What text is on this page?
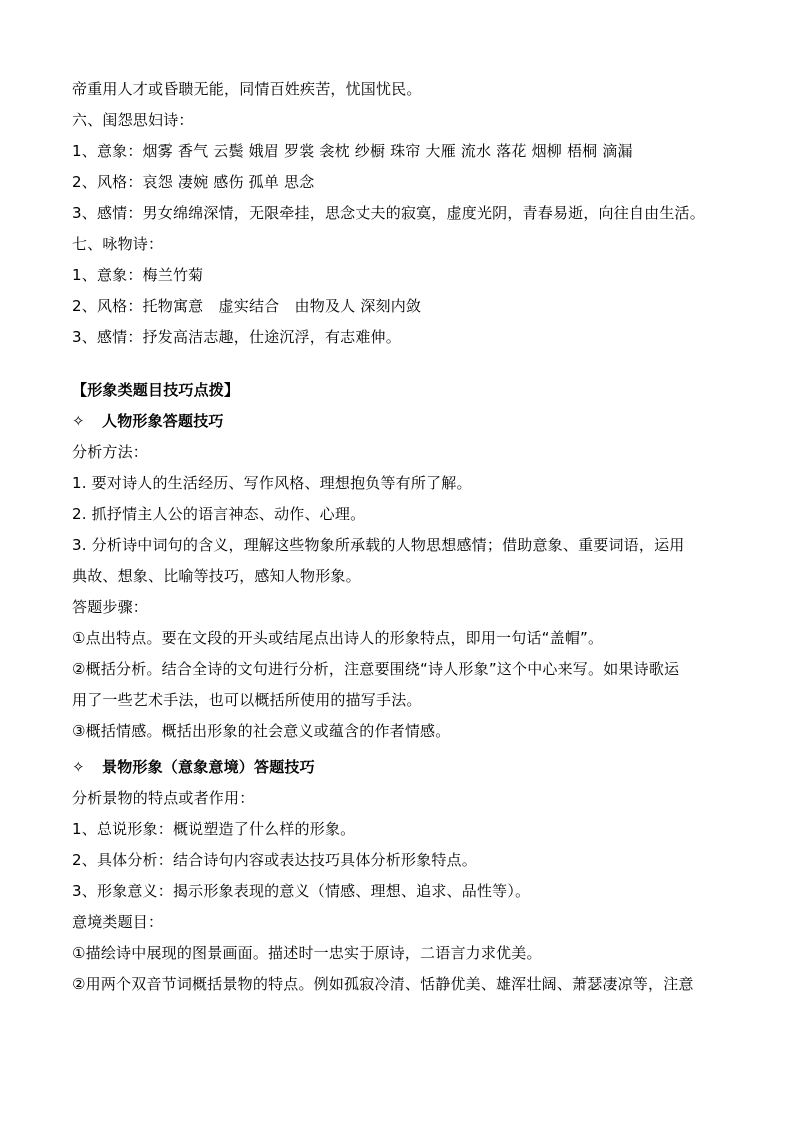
帝重用人才或昏聩无能，同情百姓疾苦，忧国忧民。
六、闺怨思妇诗：
1、意象：烟雾 香气 云鬓 娥眉 罗裳 衾枕 纱橱 珠帘 大雁 流水 落花 烟柳 梧桐 滴漏
2、风格：哀怨 凄婉 感伤 孤单 思念
3、感情：男女绵绵深情，无限牵挂，思念丈夫的寂寞，虚度光阴，青春易逝，向往自由生活。
七、咏物诗：
1、意象：梅兰竹菊
2、风格：托物寓意　虚实结合　由物及人 深刻内敛
3、感情：抒发高洁志趣，仕途沉浮，有志难伸。
【形象类题目技巧点拨】
✧ 人物形象答题技巧
分析方法：
1. 要对诗人的生活经历、写作风格、理想抱负等有所了解。
2. 抓抒情主人公的语言神态、动作、心理。
3. 分析诗中词句的含义，理解这些物象所承载的人物思想感情；借助意象、重要词语，运用
典故、想象、比喻等技巧，感知人物形象。
答题步骤：
①点出特点。要在文段的开头或结尾点出诗人的形象特点，即用一句话“盖帽”。
②概括分析。结合全诗的文句进行分析，注意要围绕“诗人形象”这个中心来写。如果诗歌运
用了一些艺术手法，也可以概括所使用的描写手法。
③概括情感。概括出形象的社会意义或蕴含的作者情感。
✧ 景物形象（意象意境）答题技巧
分析景物的特点或者作用：
1、总说形象：概说塑造了什么样的形象。
2、具体分析：结合诗句内容或表达技巧具体分析形象特点。
3、形象意义：揭示形象表现的意义（情感、理想、追求、品性等）。
意境类题目：
①描绘诗中展现的图景画面。描述时一忠实于原诗，二语言力求优美。
②用两个双音节词概括景物的特点。例如孤寂冷清、恬静优美、雄浑壮阔、萧瑟凄凉等，注意
